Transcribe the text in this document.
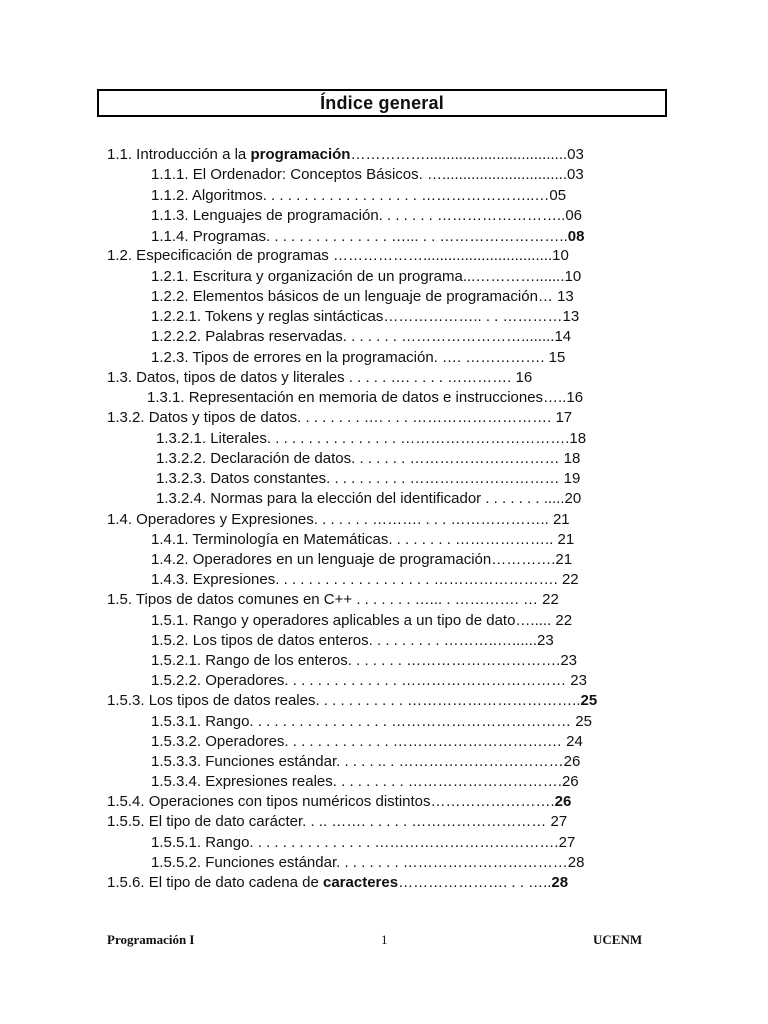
Índice general
1.1. Introducción a la programación……………..................................03
1.1.1. El Ordenador: Conceptos Básicos. …..............................03
1.1.2. Algoritmos. . . . . . . . . . . . . . . . . . . …………………..…05
1.1.3. Lenguajes de programación. . . . . . . ……………………..06
1.1.4. Programas. . . . . . . . . . . . . . . …... . . ……………………..08
1.2. Especificación de programas ………………...............................10
1.2.1. Escritura y organización de un programa...………….......10
1.2.2. Elementos básicos de un lenguaje de programación… 13
1.2.2.1. Tokens y reglas sintácticas……………….. . . …………13
1.2.2.2. Palabras reservadas. . . . . . . ……………………........14
1.2.3. Tipos de errores en la programación. …. ……………. 15
1.3. Datos, tipos de datos y literales . . . . . …. . . . . …………. 16
1.3.1. Representación en memoria de datos e instrucciones…..16
1.3.2. Datos y tipos de datos. . . . . . . . …. . . . ………………………. 17
1.3.2.1. Literales. . . . . . . . . . . . . . . . …………………………….18
1.3.2.2. Declaración de datos. . . . . . . ………………………… 18
1.3.2.3. Datos constantes. . . . . . . . . . ………………………… 19
1.3.2.4. Normas para la elección del identificador . . . . . . . .....20
1.4. Operadores y Expresiones. . . . . . . ………. . . . ……………….. 21
1.4.1. Terminología en Matemáticas. . . . . . . . ……………….. 21
1.4.2. Operadores en un lenguaje de programación………….21
1.4.3. Expresiones. . . . . . . . . . . . . . . . . . . ……………………. 22
1.5. Tipos de datos comunes en C++ . . . . . . . …... . …………. … 22
1.5.1. Rango y operadores aplicables a un tipo de dato…..... 22
1.5.2. Los tipos de datos enteros. . . . . . . . . ………..…......23
1.5.2.1. Rango de los enteros. . . . . . . ………………………….23
1.5.2.2. Operadores. . . . . . . . . . . . . . …………………………… 23
1.5.3. Los tipos de datos reales. . . . . . . . . . . ……………………………..25
1.5.3.1. Rango. . . . . . . . . . . . . . . . . ……………………………… 25
1.5.3.2. Operadores. . . . . . . . . . . . . ………………………….… 24
1.5.3.3. Funciones estándar. . . . . .. . ……………………………26
1.5.3.4. Expresiones reales. . . . . . . . . ………………………….26
1.5.4. Operaciones con tipos numéricos distintos…………………….26
1.5.5. El tipo de dato carácter. . .. ……. . . . . . ……………………… 27
1.5.5.1. Rango. . . . . . . . . . . . . . . ……………………………….27
1.5.5.2. Funciones estándar. . . . . . . . ……………………………28
1.5.6. El tipo de dato cadena de caracteres…………………. . . …..28
Programación I	1	UCENM
